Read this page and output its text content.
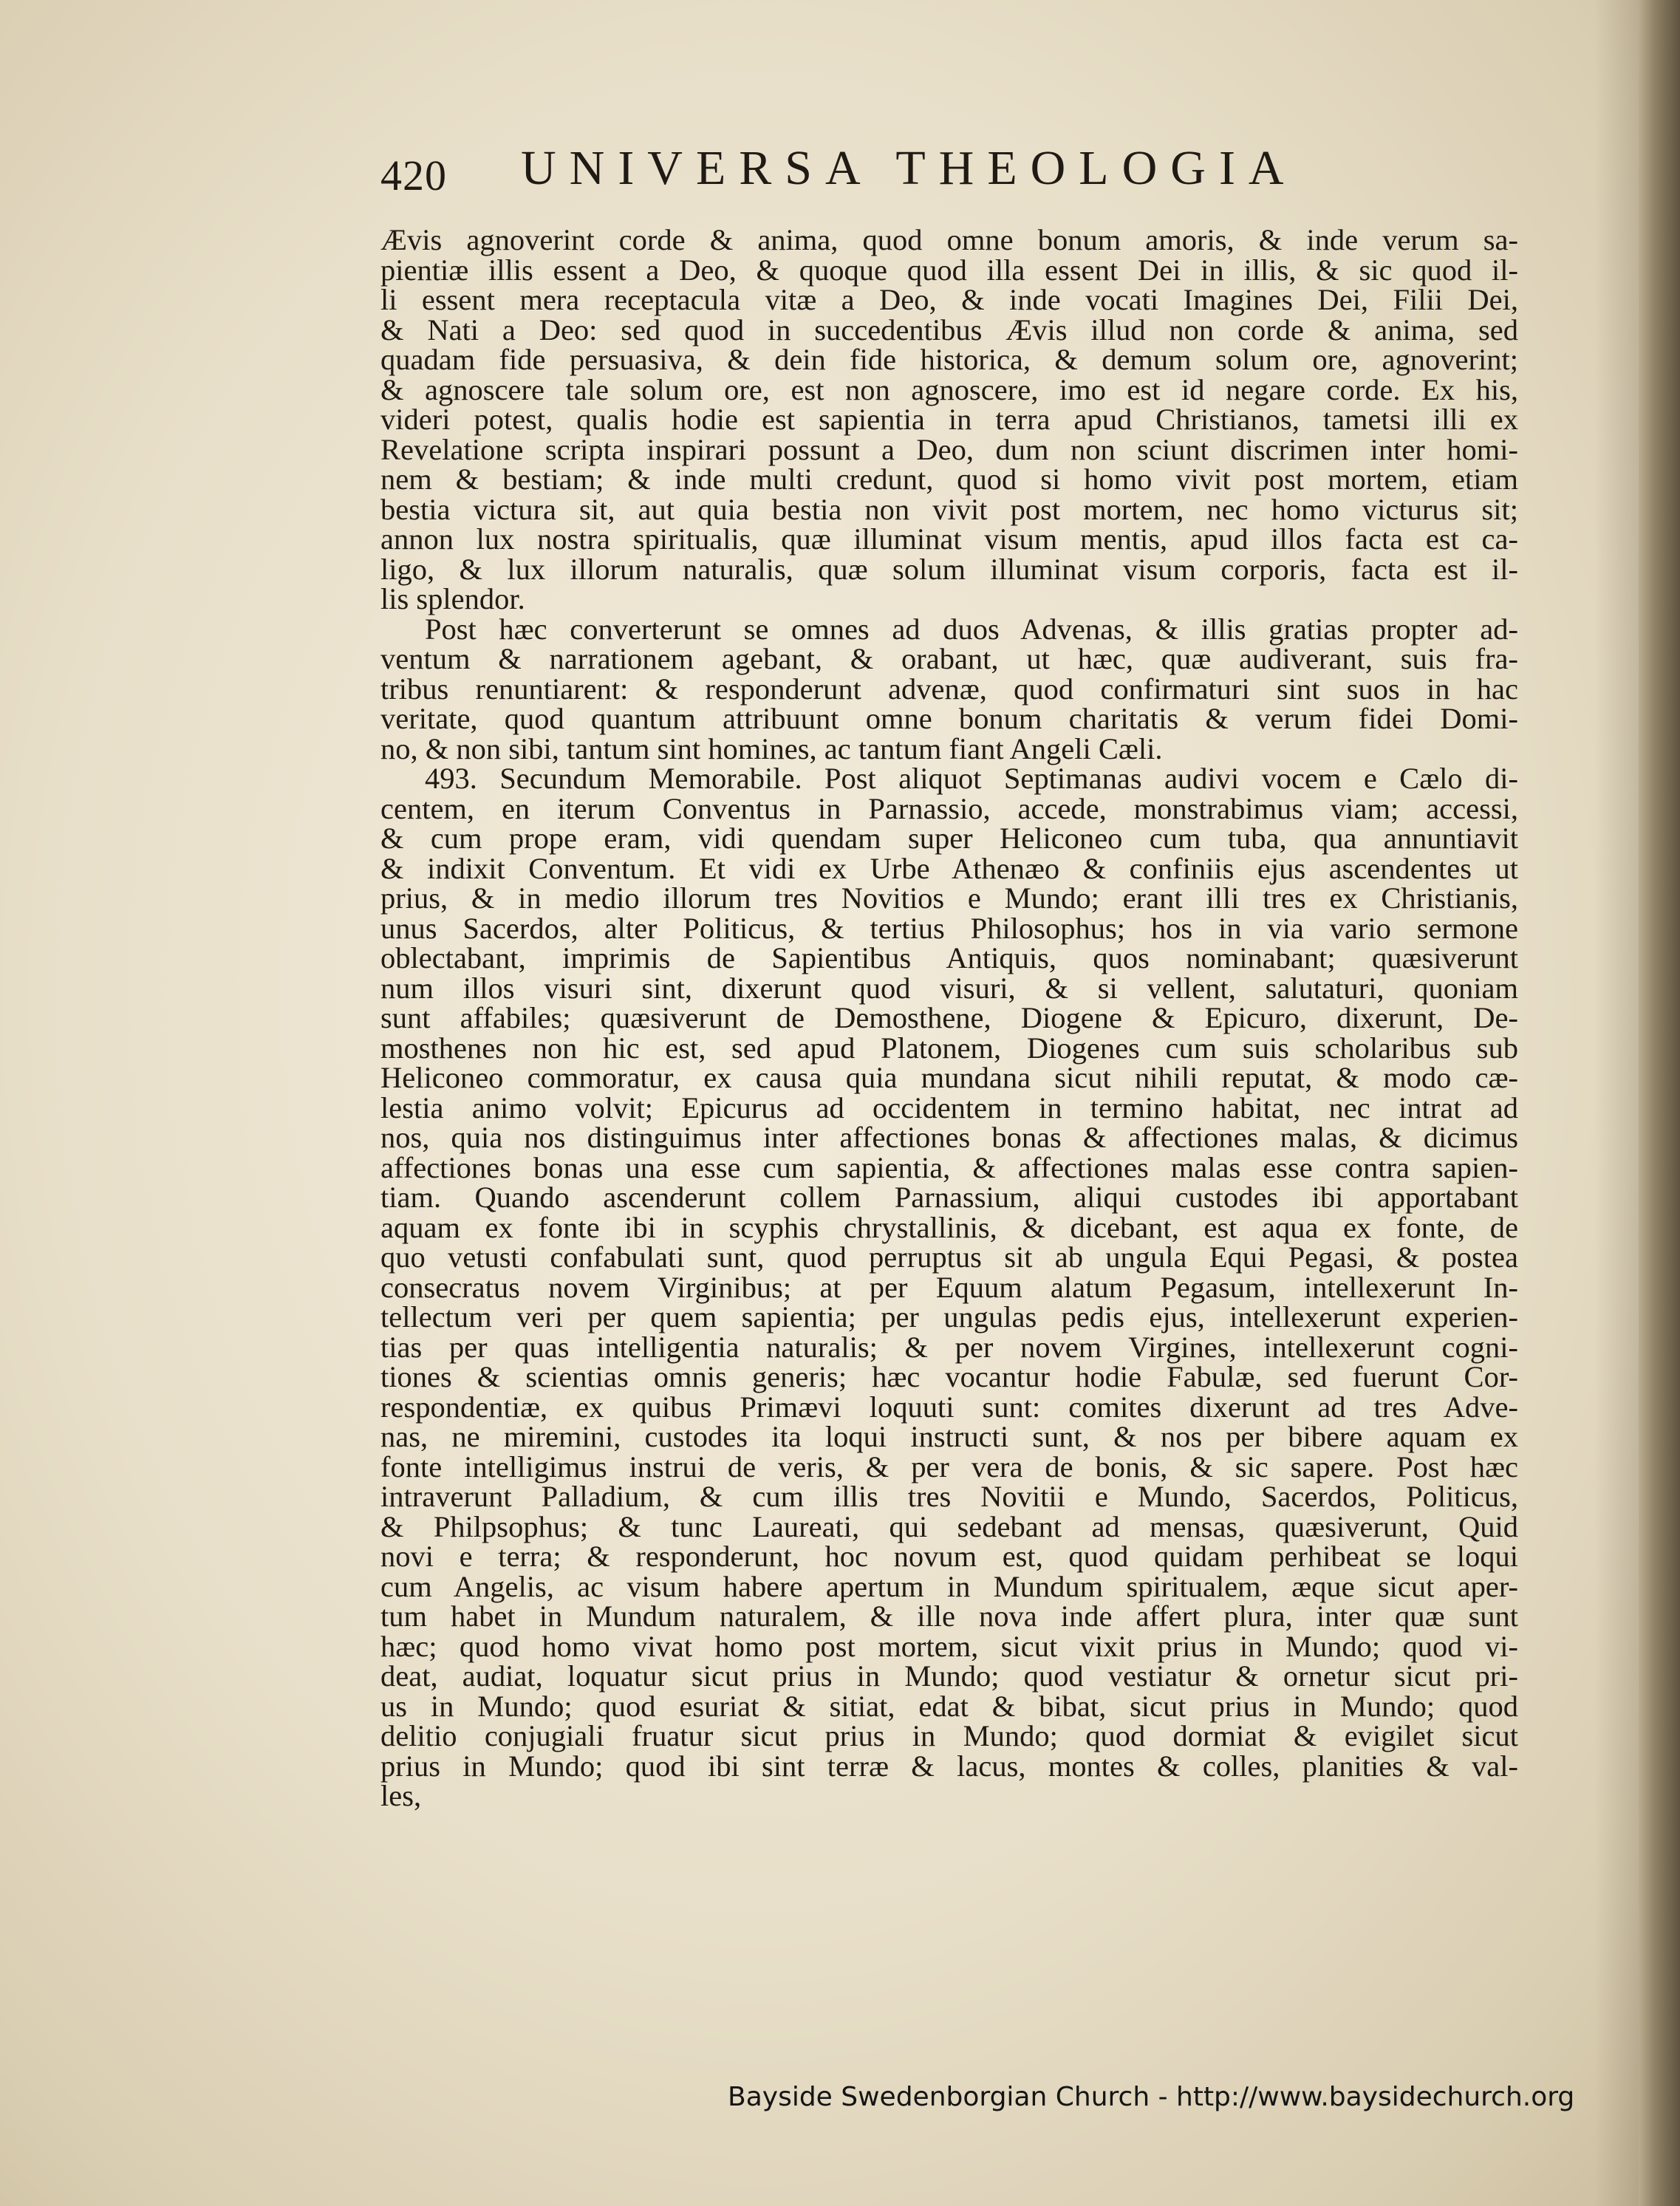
420 UNIVERSA THEOLOGIA
Ævis agnoverint corde & anima, quod omne bonum amoris, & inde verum sa-
pientiæ illis essent a Deo, & quoque quod illa essent Dei in illis, & sic quod il-
li essent mera receptacula vitæ a Deo, & inde vocati Imagines Dei, Filii Dei,
& Nati a Deo: sed quod in succedentibus Ævis illud non corde & anima, sed
quadam fide persuasiva, & dein fide historica, & demum solum ore, agnoverint;
& agnoscere tale solum ore, est non agnoscere, imo est id negare corde. Ex his,
videri potest, qualis hodie est sapientia in terra apud Christianos, tametsi illi ex
Revelatione scripta inspirari possunt a Deo, dum non sciunt discrimen inter homi-
nem & bestiam; & inde multi credunt, quod si homo vivit post mortem, etiam
bestia victura sit, aut quia bestia non vivit post mortem, nec homo victurus sit;
annon lux nostra spiritualis, quæ illuminat visum mentis, apud illos facta est ca-
ligo, & lux illorum naturalis, quæ solum illuminat visum corporis, facta est il-
lis splendor.
Post hæc converterunt se omnes ad duos Advenas, & illis gratias propter ad-
ventum & narrationem agebant, & orabant, ut hæc, quæ audiverant, suis fra-
tribus renuntiarent: & responderunt advenæ, quod confirmaturi sint suos in hac
veritate, quod quantum attribuunt omne bonum charitatis & verum fidei Domi-
no, & non sibi, tantum sint homines, ac tantum fiant Angeli Cæli.
493. Secundum Memorabile. Post aliquot Septimanas audivi vocem e Cælo di-
centem, en iterum Conventus in Parnassio, accede, monstrabimus viam; accessi,
& cum prope eram, vidi quendam super Heliconeo cum tuba, qua annuntiavit
& indixit Conventum. Et vidi ex Urbe Athenæo & confiniis ejus ascendentes ut
prius, & in medio illorum tres Novitios e Mundo; erant illi tres ex Christianis,
unus Sacerdos, alter Politicus, & tertius Philosophus; hos in via vario sermone
oblectabant, imprimis de Sapientibus Antiquis, quos nominabant; quæsiverunt
num illos visuri sint, dixerunt quod visuri, & si vellent, salutaturi, quoniam
sunt affabiles; quæsiverunt de Demosthene, Diogene & Epicuro, dixerunt, De-
mosthenes non hic est, sed apud Platonem, Diogenes cum suis scholaribus sub
Heliconeo commoratur, ex causa quia mundana sicut nihili reputat, & modo cæ-
lestia animo volvit; Epicurus ad occidentem in termino habitat, nec intrat ad
nos, quia nos distinguimus inter affectiones bonas & affectiones malas, & dicimus
affectiones bonas una esse cum sapientia, & affectiones malas esse contra sapien-
tiam. Quando ascenderunt collem Parnassium, aliqui custodes ibi apportabant
aquam ex fonte ibi in scyphis chrystallinis, & dicebant, est aqua ex fonte, de
quo vetusti confabulati sunt, quod perruptus sit ab ungula Equi Pegasi, & postea
consecratus novem Virginibus; at per Equum alatum Pegasum, intellexerunt In-
tellectum veri per quem sapientia; per ungulas pedis ejus, intellexerunt experien-
tias per quas intelligentia naturalis; & per novem Virgines, intellexerunt cogni-
tiones & scientias omnis generis; hæc vocantur hodie Fabulæ, sed fuerunt Cor-
respondentiæ, ex quibus Primævi loquuti sunt: comites dixerunt ad tres Adve-
nas, ne miremini, custodes ita loqui instructi sunt, & nos per bibere aquam ex
fonte intelligimus instrui de veris, & per vera de bonis, & sic sapere. Post hæc
intraverunt Palladium, & cum illis tres Novitii e Mundo, Sacerdos, Politicus,
& Philpsophus; & tunc Laureati, qui sedebant ad mensas, quæsiverunt, Quid
novi e terra; & responderunt, hoc novum est, quod quidam perhibeat se loqui
cum Angelis, ac visum habere apertum in Mundum spiritualem, æque sicut aper-
tum habet in Mundum naturalem, & ille nova inde affert plura, inter quæ sunt
hæc; quod homo vivat homo post mortem, sicut vixit prius in Mundo; quod vi-
deat, audiat, loquatur sicut prius in Mundo; quod vestiatur & ornetur sicut pri-
us in Mundo; quod esuriat & sitiat, edat & bibat, sicut prius in Mundo; quod
delitio conjugiali fruatur sicut prius in Mundo; quod dormiat & evigilet sicut
prius in Mundo; quod ibi sint terræ & lacus, montes & colles, planities & val-
les,
Bayside Swedenborgian Church - http://www.baysidechurch.org
